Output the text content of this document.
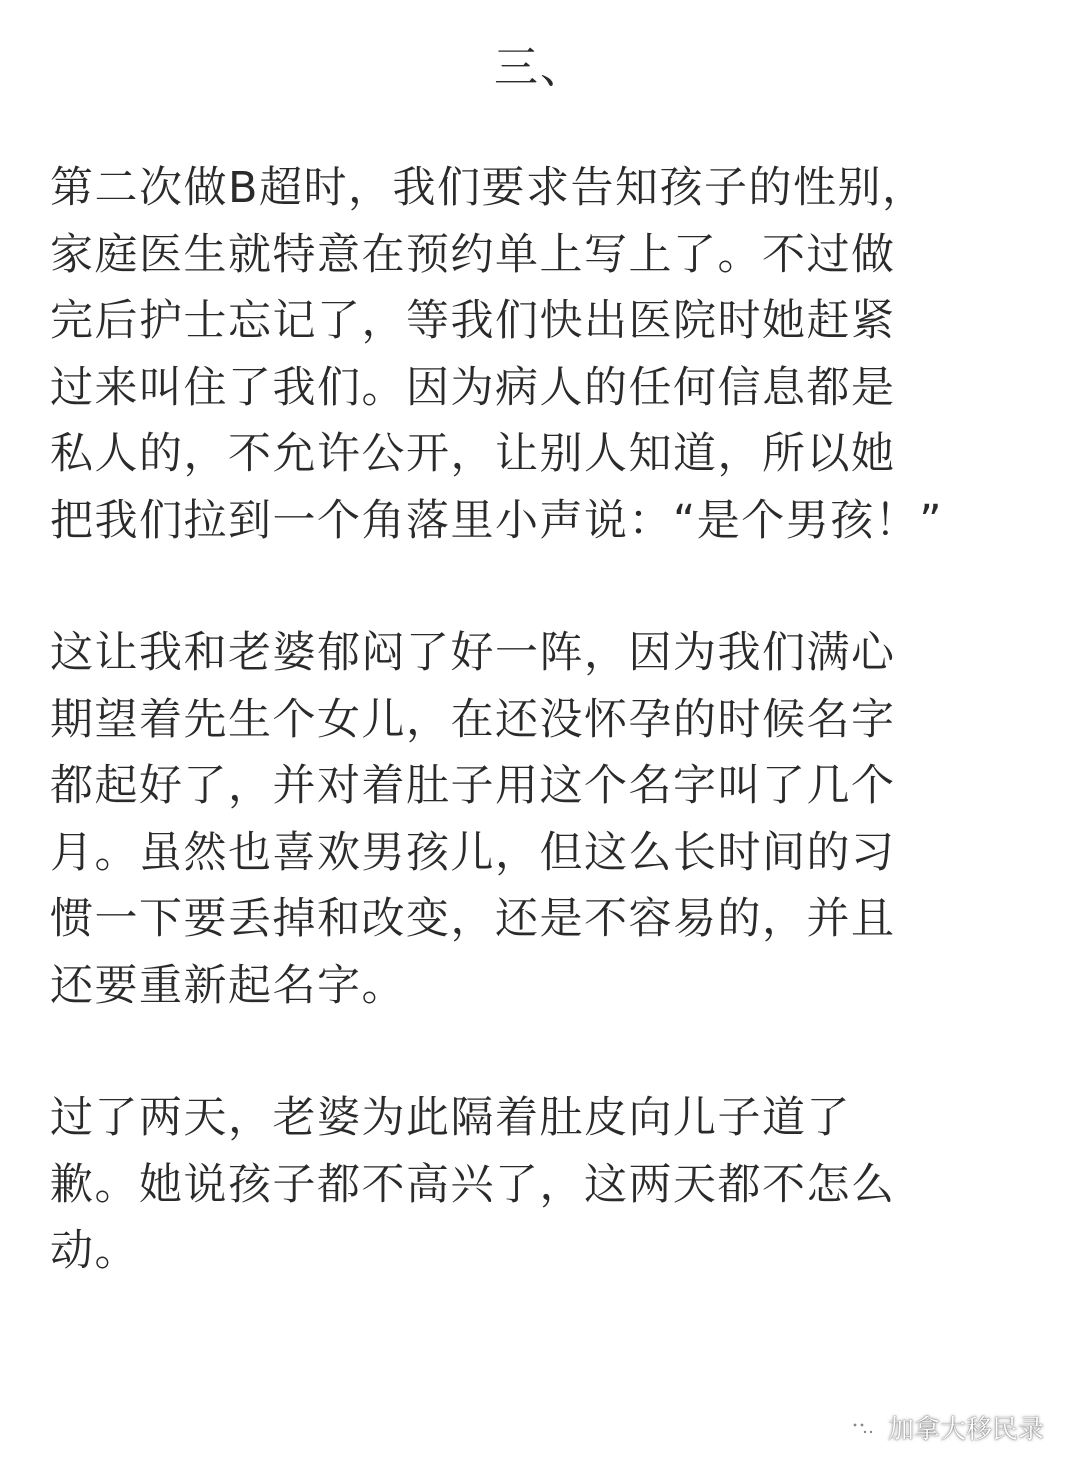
三、

第二次做B超时，我们要求告知孩子的性别，
家庭医生就特意在预约单上写上了。不过做
完后护士忘记了，等我们快出医院时她赶紧
过来叫住了我们。因为病人的任何信息都是
私人的，不允许公开，让别人知道，所以她
把我们拉到一个角落里小声说：“是个男孩！”

这让我和老婆郁闷了好一阵，因为我们满心
期望着先生个女儿，在还没怀孕的时候名字
都起好了，并对着肚子用这个名字叫了几个
月。虽然也喜欢男孩儿，但这么长时间的习
惯一下要丢掉和改变，还是不容易的，并且
还要重新起名字。

过了两天，老婆为此隔着肚皮向儿子道了
歉。她说孩子都不高兴了，这两天都不怎么
动。

加拿大移民录
